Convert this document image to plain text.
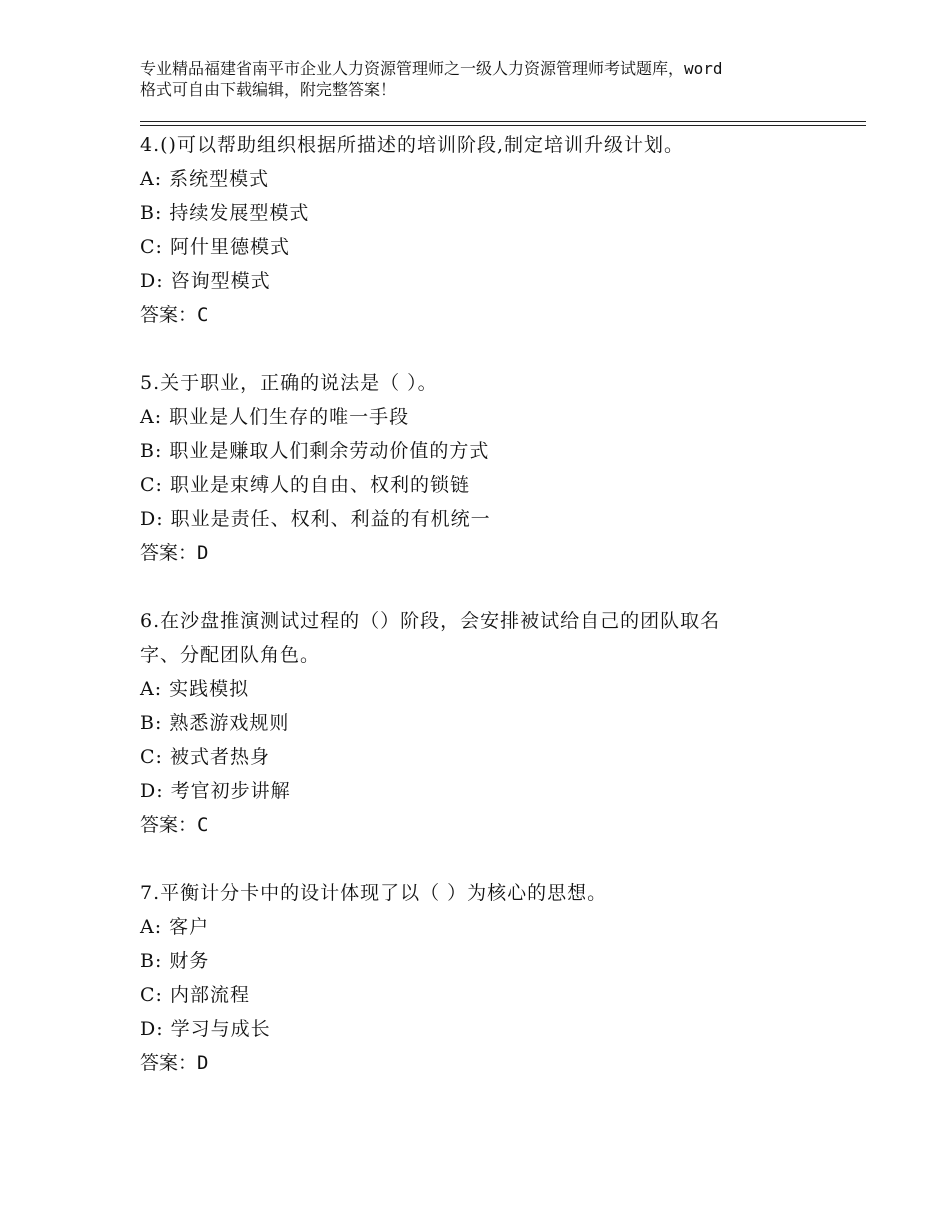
专业精品福建省南平市企业人力资源管理师之一级人力资源管理师考试题库，word
格式可自由下载编辑，附完整答案！
4.()可以帮助组织根据所描述的培训阶段,制定培训升级计划。
A: 系统型模式
B: 持续发展型模式
C: 阿什里德模式
D: 咨询型模式
答案：C
5.关于职业，正确的说法是（ ）。
A: 职业是人们生存的唯一手段
B: 职业是赚取人们剩余劳动价值的方式
C: 职业是束缚人的自由、权利的锁链
D: 职业是责任、权利、利益的有机统一
答案：D
6.在沙盘推演测试过程的（）阶段，会安排被试给自己的团队取名
字、分配团队角色。
A: 实践模拟
B: 熟悉游戏规则
C: 被式者热身
D: 考官初步讲解
答案：C
7.平衡计分卡中的设计体现了以（ ）为核心的思想。
A: 客户
B: 财务
C: 内部流程
D: 学习与成长
答案：D
